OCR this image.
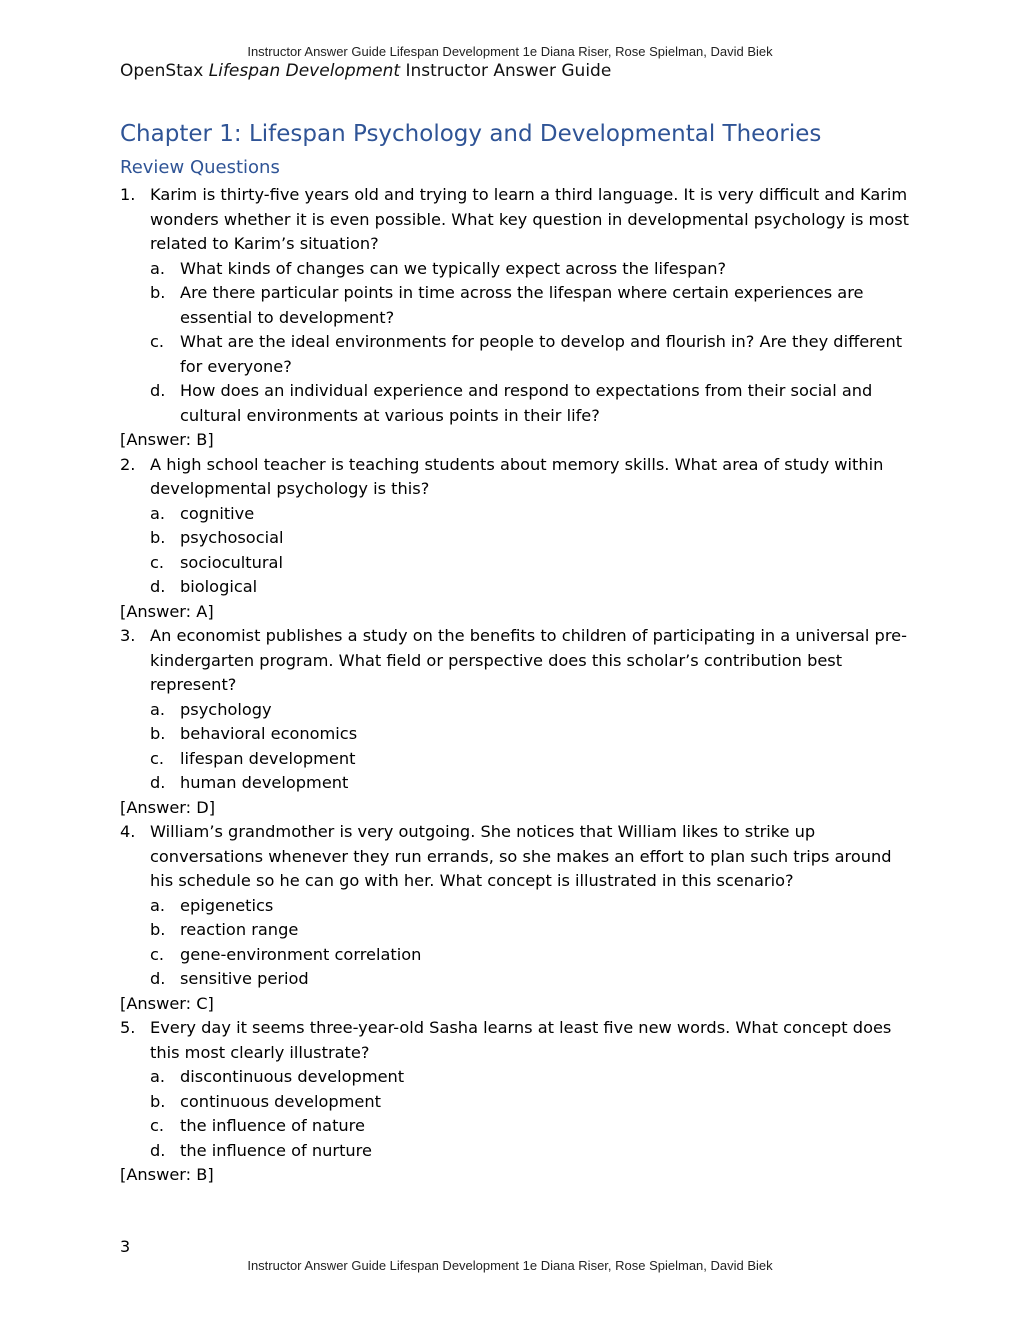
Instructor Answer Guide Lifespan Development 1e Diana Riser, Rose Spielman, David Biek
OpenStax Lifespan Development Instructor Answer Guide
Chapter 1: Lifespan Psychology and Developmental Theories
Review Questions
1. Karim is thirty-five years old and trying to learn a third language. It is very difficult and Karim wonders whether it is even possible. What key question in developmental psychology is most related to Karim’s situation?
a. What kinds of changes can we typically expect across the lifespan?
b. Are there particular points in time across the lifespan where certain experiences are essential to development?
c. What are the ideal environments for people to develop and flourish in? Are they different for everyone?
d. How does an individual experience and respond to expectations from their social and cultural environments at various points in their life?
[Answer: B]
2. A high school teacher is teaching students about memory skills. What area of study within developmental psychology is this?
a. cognitive
b. psychosocial
c. sociocultural
d. biological
[Answer: A]
3. An economist publishes a study on the benefits to children of participating in a universal pre-kindergarten program. What field or perspective does this scholar’s contribution best represent?
a. psychology
b. behavioral economics
c. lifespan development
d. human development
[Answer: D]
4. William’s grandmother is very outgoing. She notices that William likes to strike up conversations whenever they run errands, so she makes an effort to plan such trips around his schedule so he can go with her. What concept is illustrated in this scenario?
a. epigenetics
b. reaction range
c. gene-environment correlation
d. sensitive period
[Answer: C]
5. Every day it seems three-year-old Sasha learns at least five new words. What concept does this most clearly illustrate?
a. discontinuous development
b. continuous development
c. the influence of nature
d. the influence of nurture
[Answer: B]
3
Instructor Answer Guide Lifespan Development 1e Diana Riser, Rose Spielman, David Biek
